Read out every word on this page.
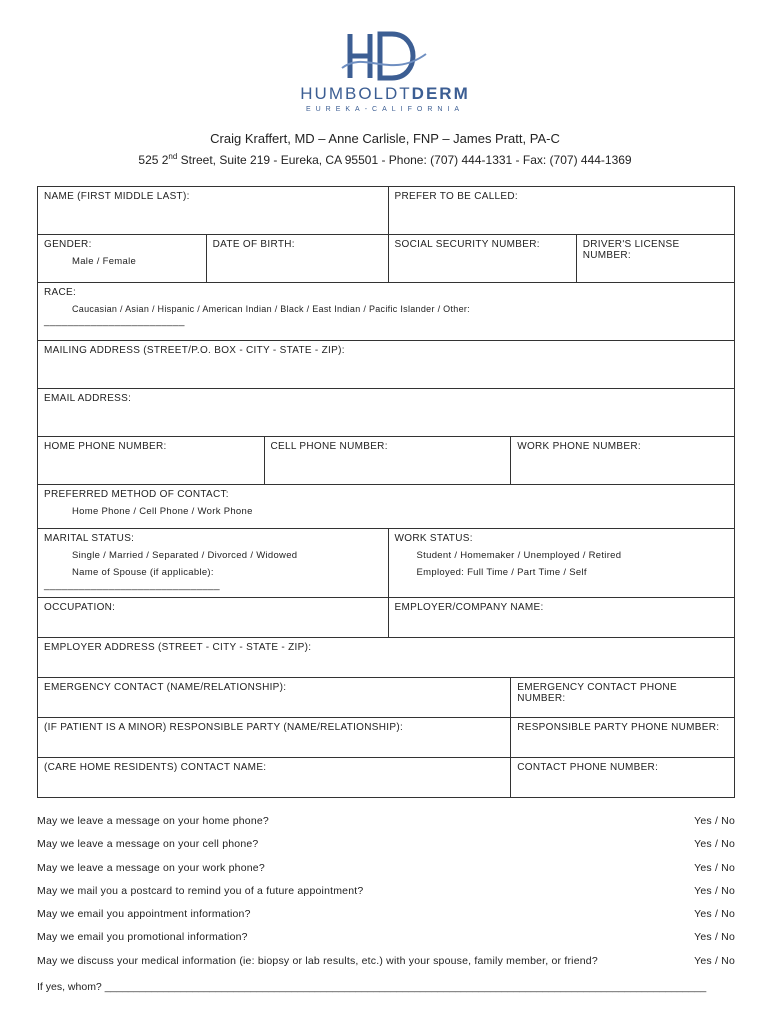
HUMBOLDTDERM
EUREKA-CALIFORNIA
Craig Kraffert, MD – Anne Carlisle, FNP – James Pratt, PA-C
525 2nd Street, Suite 219 - Eureka, CA 95501 - Phone: (707) 444-1331 - Fax: (707) 444-1369
NAME (FIRST MIDDLE LAST):			PREFER TO BE CALLED:		

GENDER:
Male / Female	DATE OF BIRTH:		SOCIAL SECURITY NUMBER:		DRIVER'S LICENSE NUMBER:

RACE:
Caucasian / Asian / Hispanic / American Indian / Black / East Indian / Pacific Islander / Other:
________________________					

MAILING ADDRESS (STREET/P.O. BOX - CITY - STATE - ZIP):					

EMAIL ADDRESS:					

HOME PHONE NUMBER:		CELL PHONE NUMBER:		WORK PHONE NUMBER:	

PREFERRED METHOD OF CONTACT:
Home Phone / Cell Phone / Work Phone					

MARITAL STATUS:
Single / Married / Separated / Divorced / Widowed
Name of Spouse (if applicable):
______________________________			WORK STATUS:
Student / Homemaker / Unemployed / Retired
Employed: Full Time / Part Time / Self		

OCCUPATION:			EMPLOYER/COMPANY NAME:		

EMPLOYER ADDRESS (STREET - CITY - STATE - ZIP):					

EMERGENCY CONTACT (NAME/RELATIONSHIP):				EMERGENCY CONTACT PHONE NUMBER:	

(IF PATIENT IS A MINOR) RESPONSIBLE PARTY (NAME/RELATIONSHIP):				RESPONSIBLE PARTY PHONE NUMBER:	

(CARE HOME RESIDENTS) CONTACT NAME:				CONTACT PHONE NUMBER:	
May we leave a message on your home phone?	Yes / No
May we leave a message on your cell phone?	Yes / No
May we leave a message on your work phone?	Yes / No
May we mail you a postcard to remind you of a future appointment?	Yes / No
May we email you appointment information?	Yes / No
May we email you promotional information?	Yes / No
May we discuss your medical information (ie: biopsy or lab results, etc.) with your spouse, family member, or friend?	Yes / No
If yes, whom? _______________________________________________________________________________________________________
